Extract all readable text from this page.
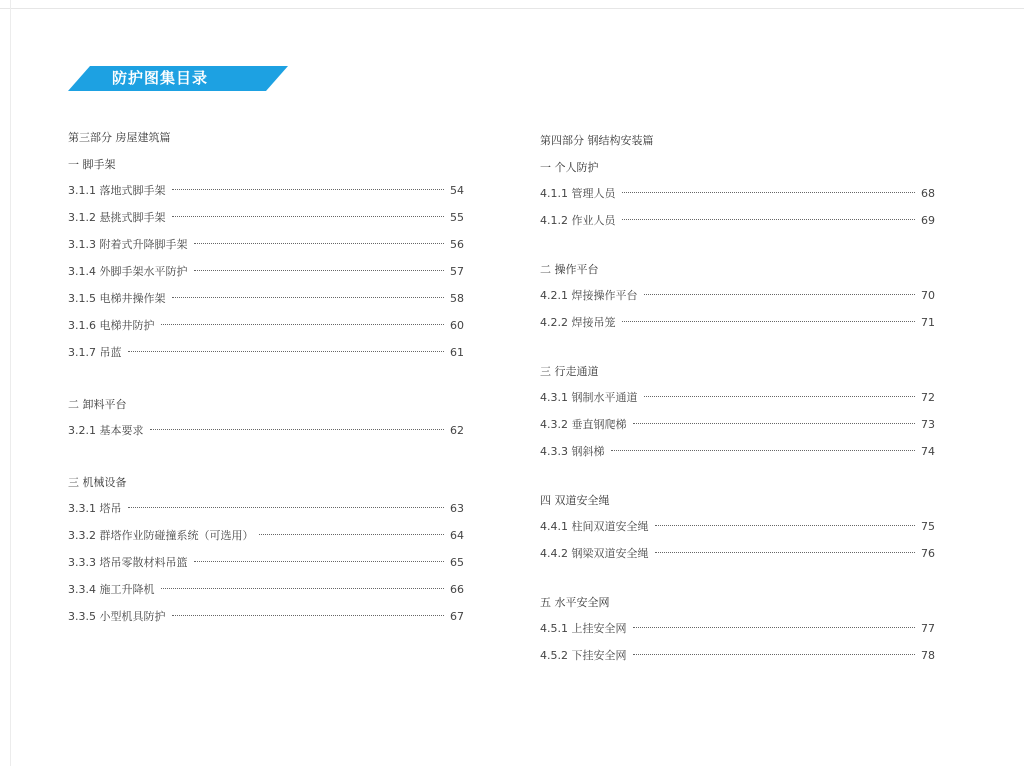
防护图集目录
第三部分 房屋建筑篇
一 脚手架
3.1.1 落地式脚手架	54
3.1.2 悬挑式脚手架	55
3.1.3 附着式升降脚手架	56
3.1.4 外脚手架水平防护	57
3.1.5 电梯井操作架	58
3.1.6 电梯井防护	60
3.1.7 吊蓝	61
二 卸料平台
3.2.1 基本要求	62
三 机械设备
3.3.1 塔吊	63
3.3.2 群塔作业防碰撞系统（可选用）	64
3.3.3 塔吊零散材料吊篮	65
3.3.4 施工升降机	66
3.3.5 小型机具防护	67
第四部分 钢结构安装篇
一 个人防护
4.1.1 管理人员	68
4.1.2 作业人员	69
二 操作平台
4.2.1 焊接操作平台	70
4.2.2 焊接吊笼	71
三 行走通道
4.3.1 钢制水平通道	72
4.3.2 垂直钢爬梯	73
4.3.3 钢斜梯	74
四 双道安全绳
4.4.1 柱间双道安全绳	75
4.4.2 钢梁双道安全绳	76
五 水平安全网
4.5.1 上挂安全网	77
4.5.2 下挂安全网	78
